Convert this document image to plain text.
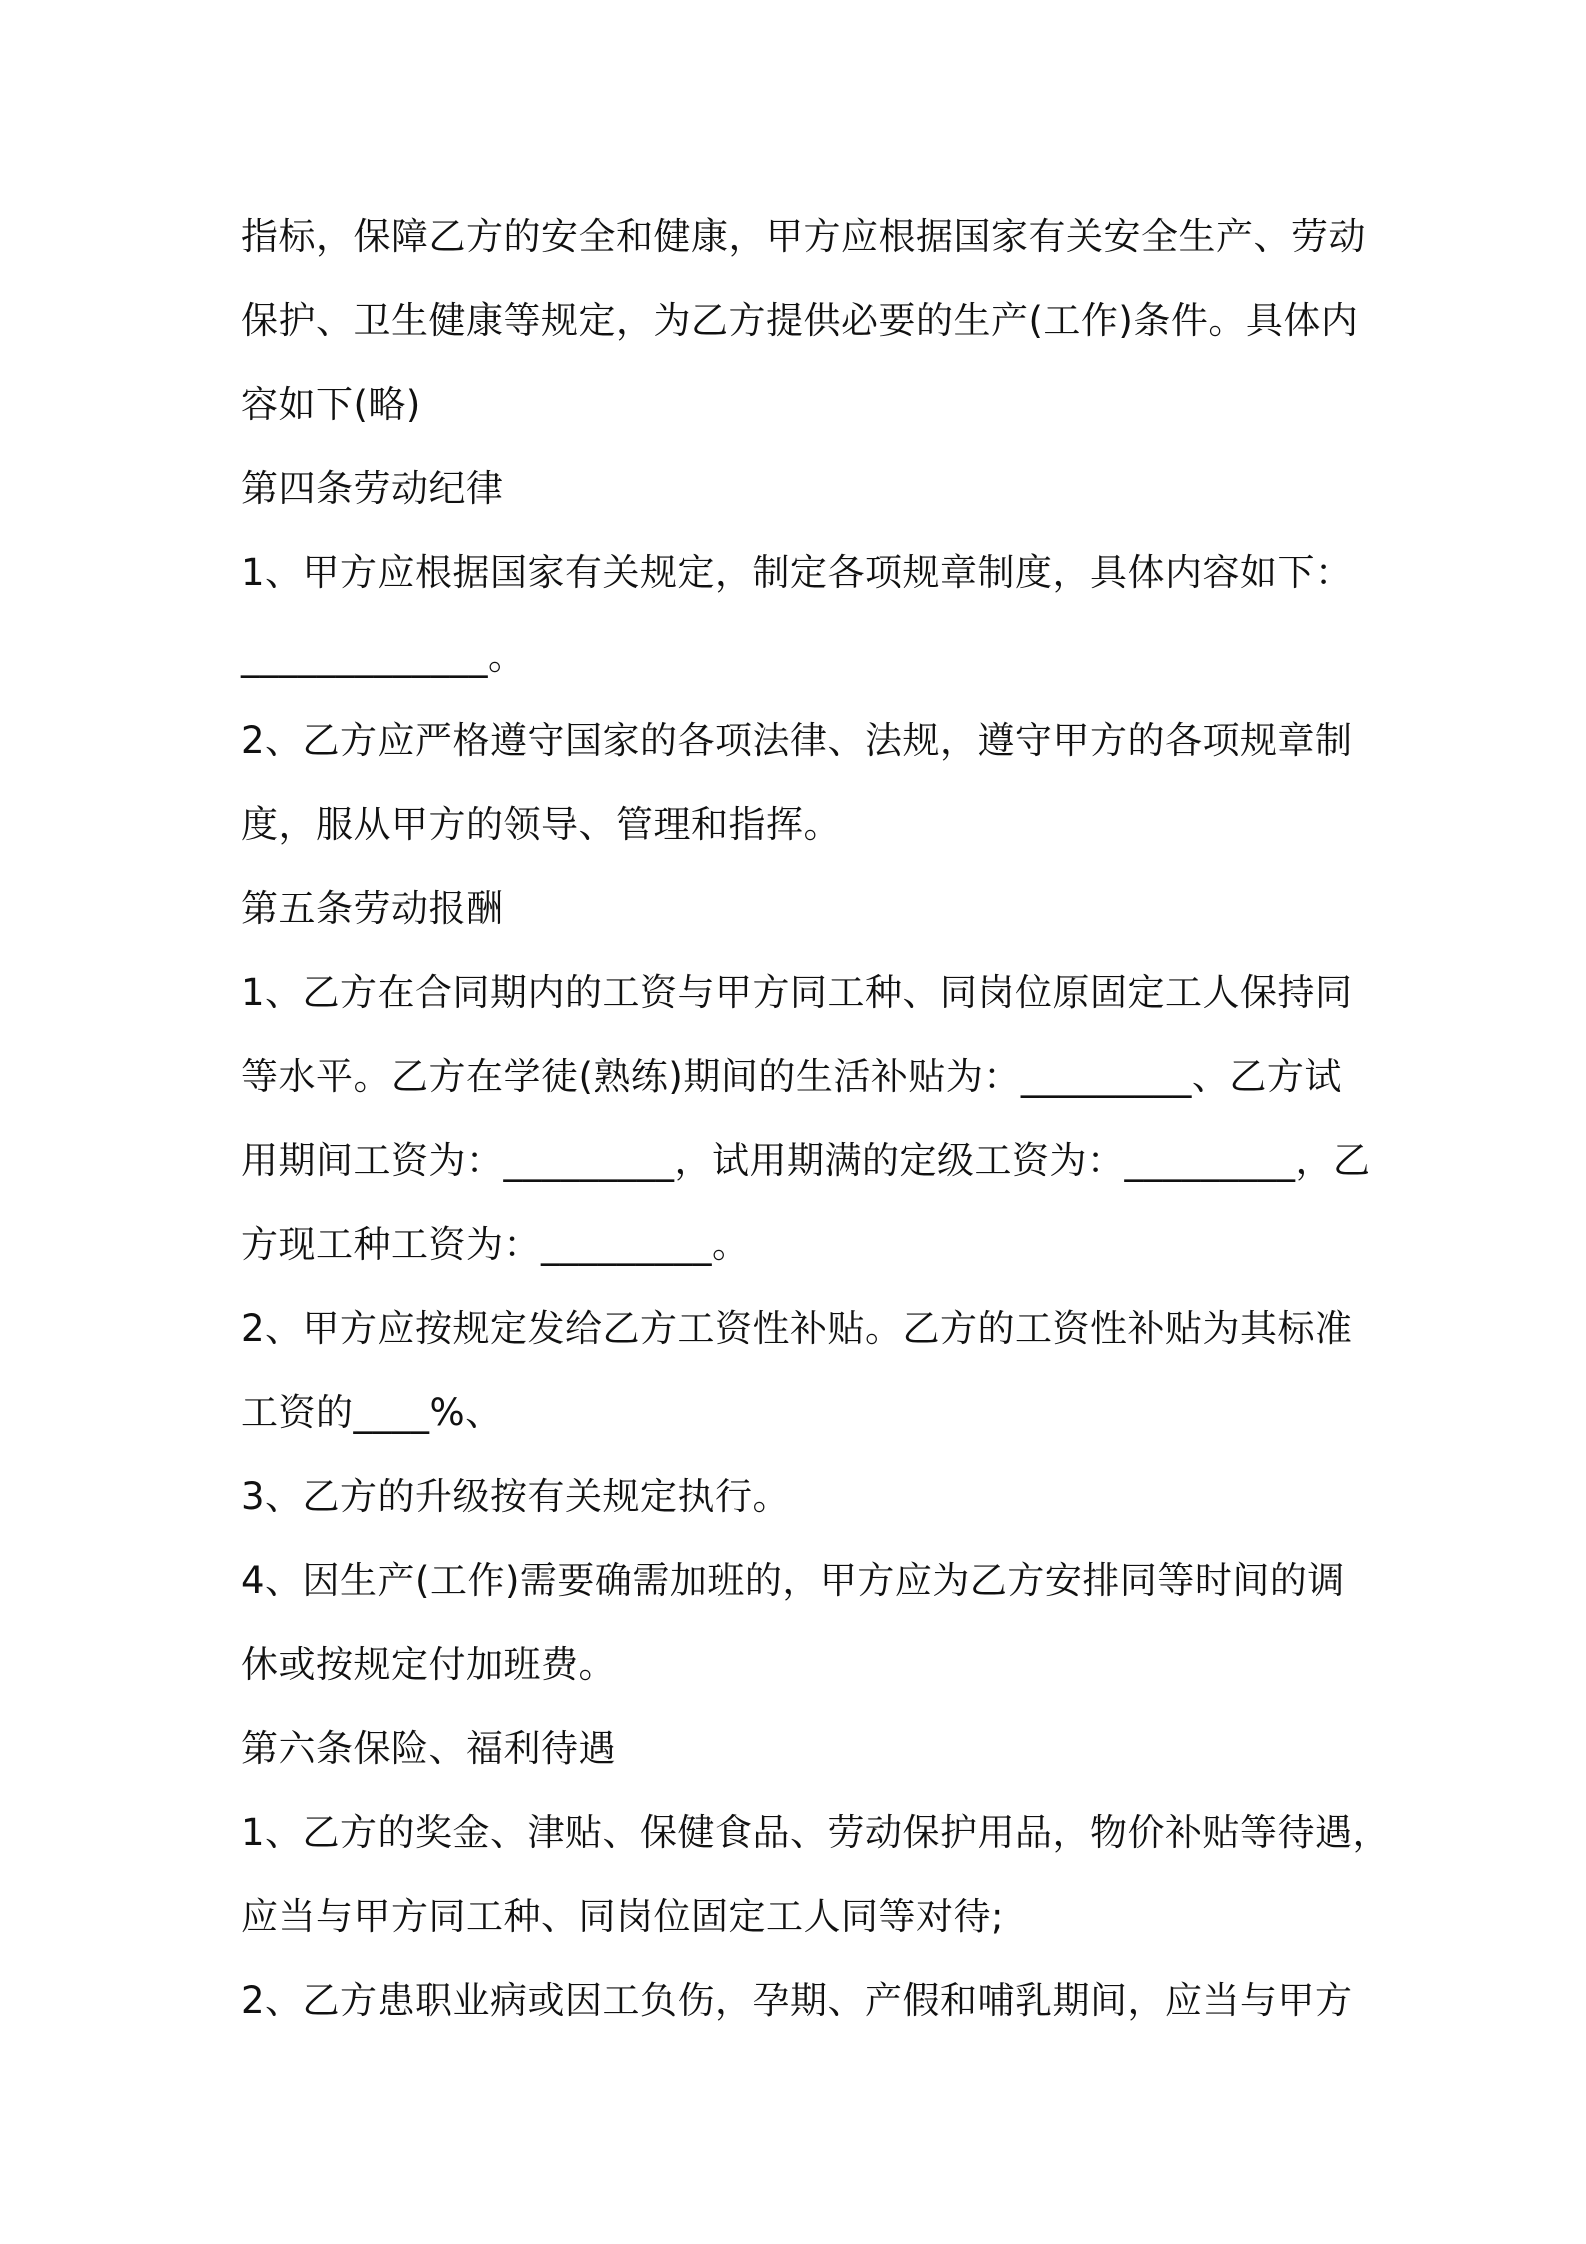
指标，保障乙方的安全和健康，甲方应根据国家有关安全生产、劳动

保护、卫生健康等规定，为乙方提供必要的生产(工作)条件。具体内

容如下(略)

第四条劳动纪律

1、甲方应根据国家有关规定，制定各项规章制度，具体内容如下：

_____________。

2、乙方应严格遵守国家的各项法律、法规，遵守甲方的各项规章制

度，服从甲方的领导、管理和指挥。

第五条劳动报酬

1、乙方在合同期内的工资与甲方同工种、同岗位原固定工人保持同

等水平。乙方在学徒(熟练)期间的生活补贴为：_________、乙方试

用期间工资为：_________，试用期满的定级工资为：_________，乙

方现工种工资为：_________。

2、甲方应按规定发给乙方工资性补贴。乙方的工资性补贴为其标准

工资的____%、

3、乙方的升级按有关规定执行。

4、因生产(工作)需要确需加班的，甲方应为乙方安排同等时间的调

休或按规定付加班费。

第六条保险、福利待遇

1、乙方的奖金、津贴、保健食品、劳动保护用品，物价补贴等待遇，

应当与甲方同工种、同岗位固定工人同等对待;

2、乙方患职业病或因工负伤，孕期、产假和哺乳期间，应当与甲方
